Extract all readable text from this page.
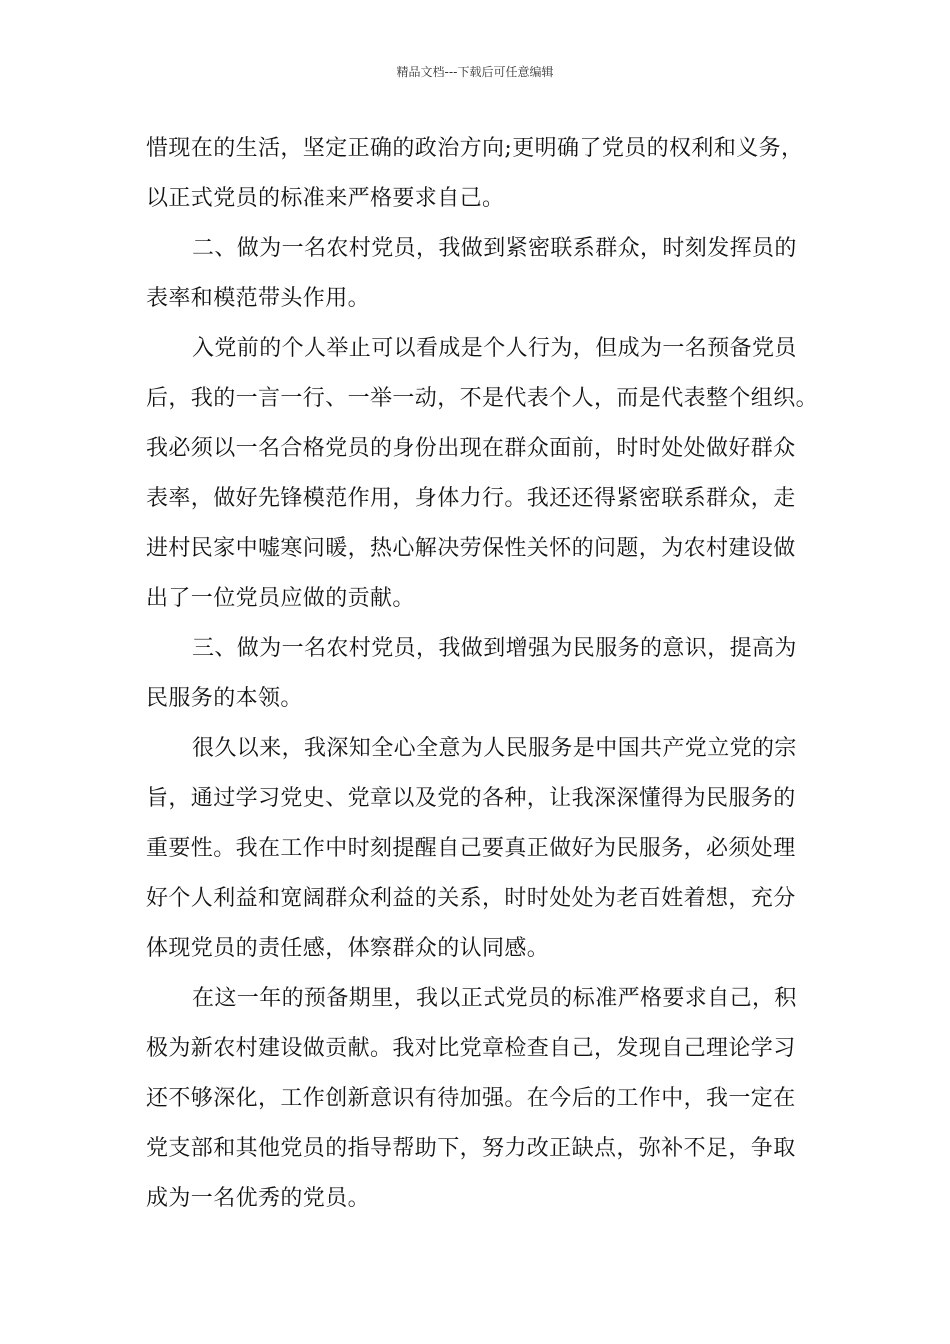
精品文档---下载后可任意编辑

惜现在的生活，坚定正确的政治方向;更明确了党员的权利和义务，
以正式党员的标准来严格要求自己。

二、做为一名农村党员，我做到紧密联系群众，时刻发挥员的
表率和模范带头作用。

入党前的个人举止可以看成是个人行为，但成为一名预备党员
后，我的一言一行、一举一动，不是代表个人，而是代表整个组织。
我必须以一名合格党员的身份出现在群众面前，时时处处做好群众
表率，做好先锋模范作用，身体力行。我还还得紧密联系群众，走
进村民家中嘘寒问暖，热心解决劳保性关怀的问题，为农村建设做
出了一位党员应做的贡献。

三、做为一名农村党员，我做到增强为民服务的意识，提高为
民服务的本领。

很久以来，我深知全心全意为人民服务是中国共产党立党的宗
旨，通过学习党史、党章以及党的各种，让我深深懂得为民服务的
重要性。我在工作中时刻提醒自己要真正做好为民服务，必须处理
好个人利益和宽阔群众利益的关系，时时处处为老百姓着想，充分
体现党员的责任感，体察群众的认同感。

在这一年的预备期里，我以正式党员的标准严格要求自己，积
极为新农村建设做贡献。我对比党章检查自己，发现自己理论学习
还不够深化，工作创新意识有待加强。在今后的工作中，我一定在
党支部和其他党员的指导帮助下，努力改正缺点，弥补不足，争取
成为一名优秀的党员。
